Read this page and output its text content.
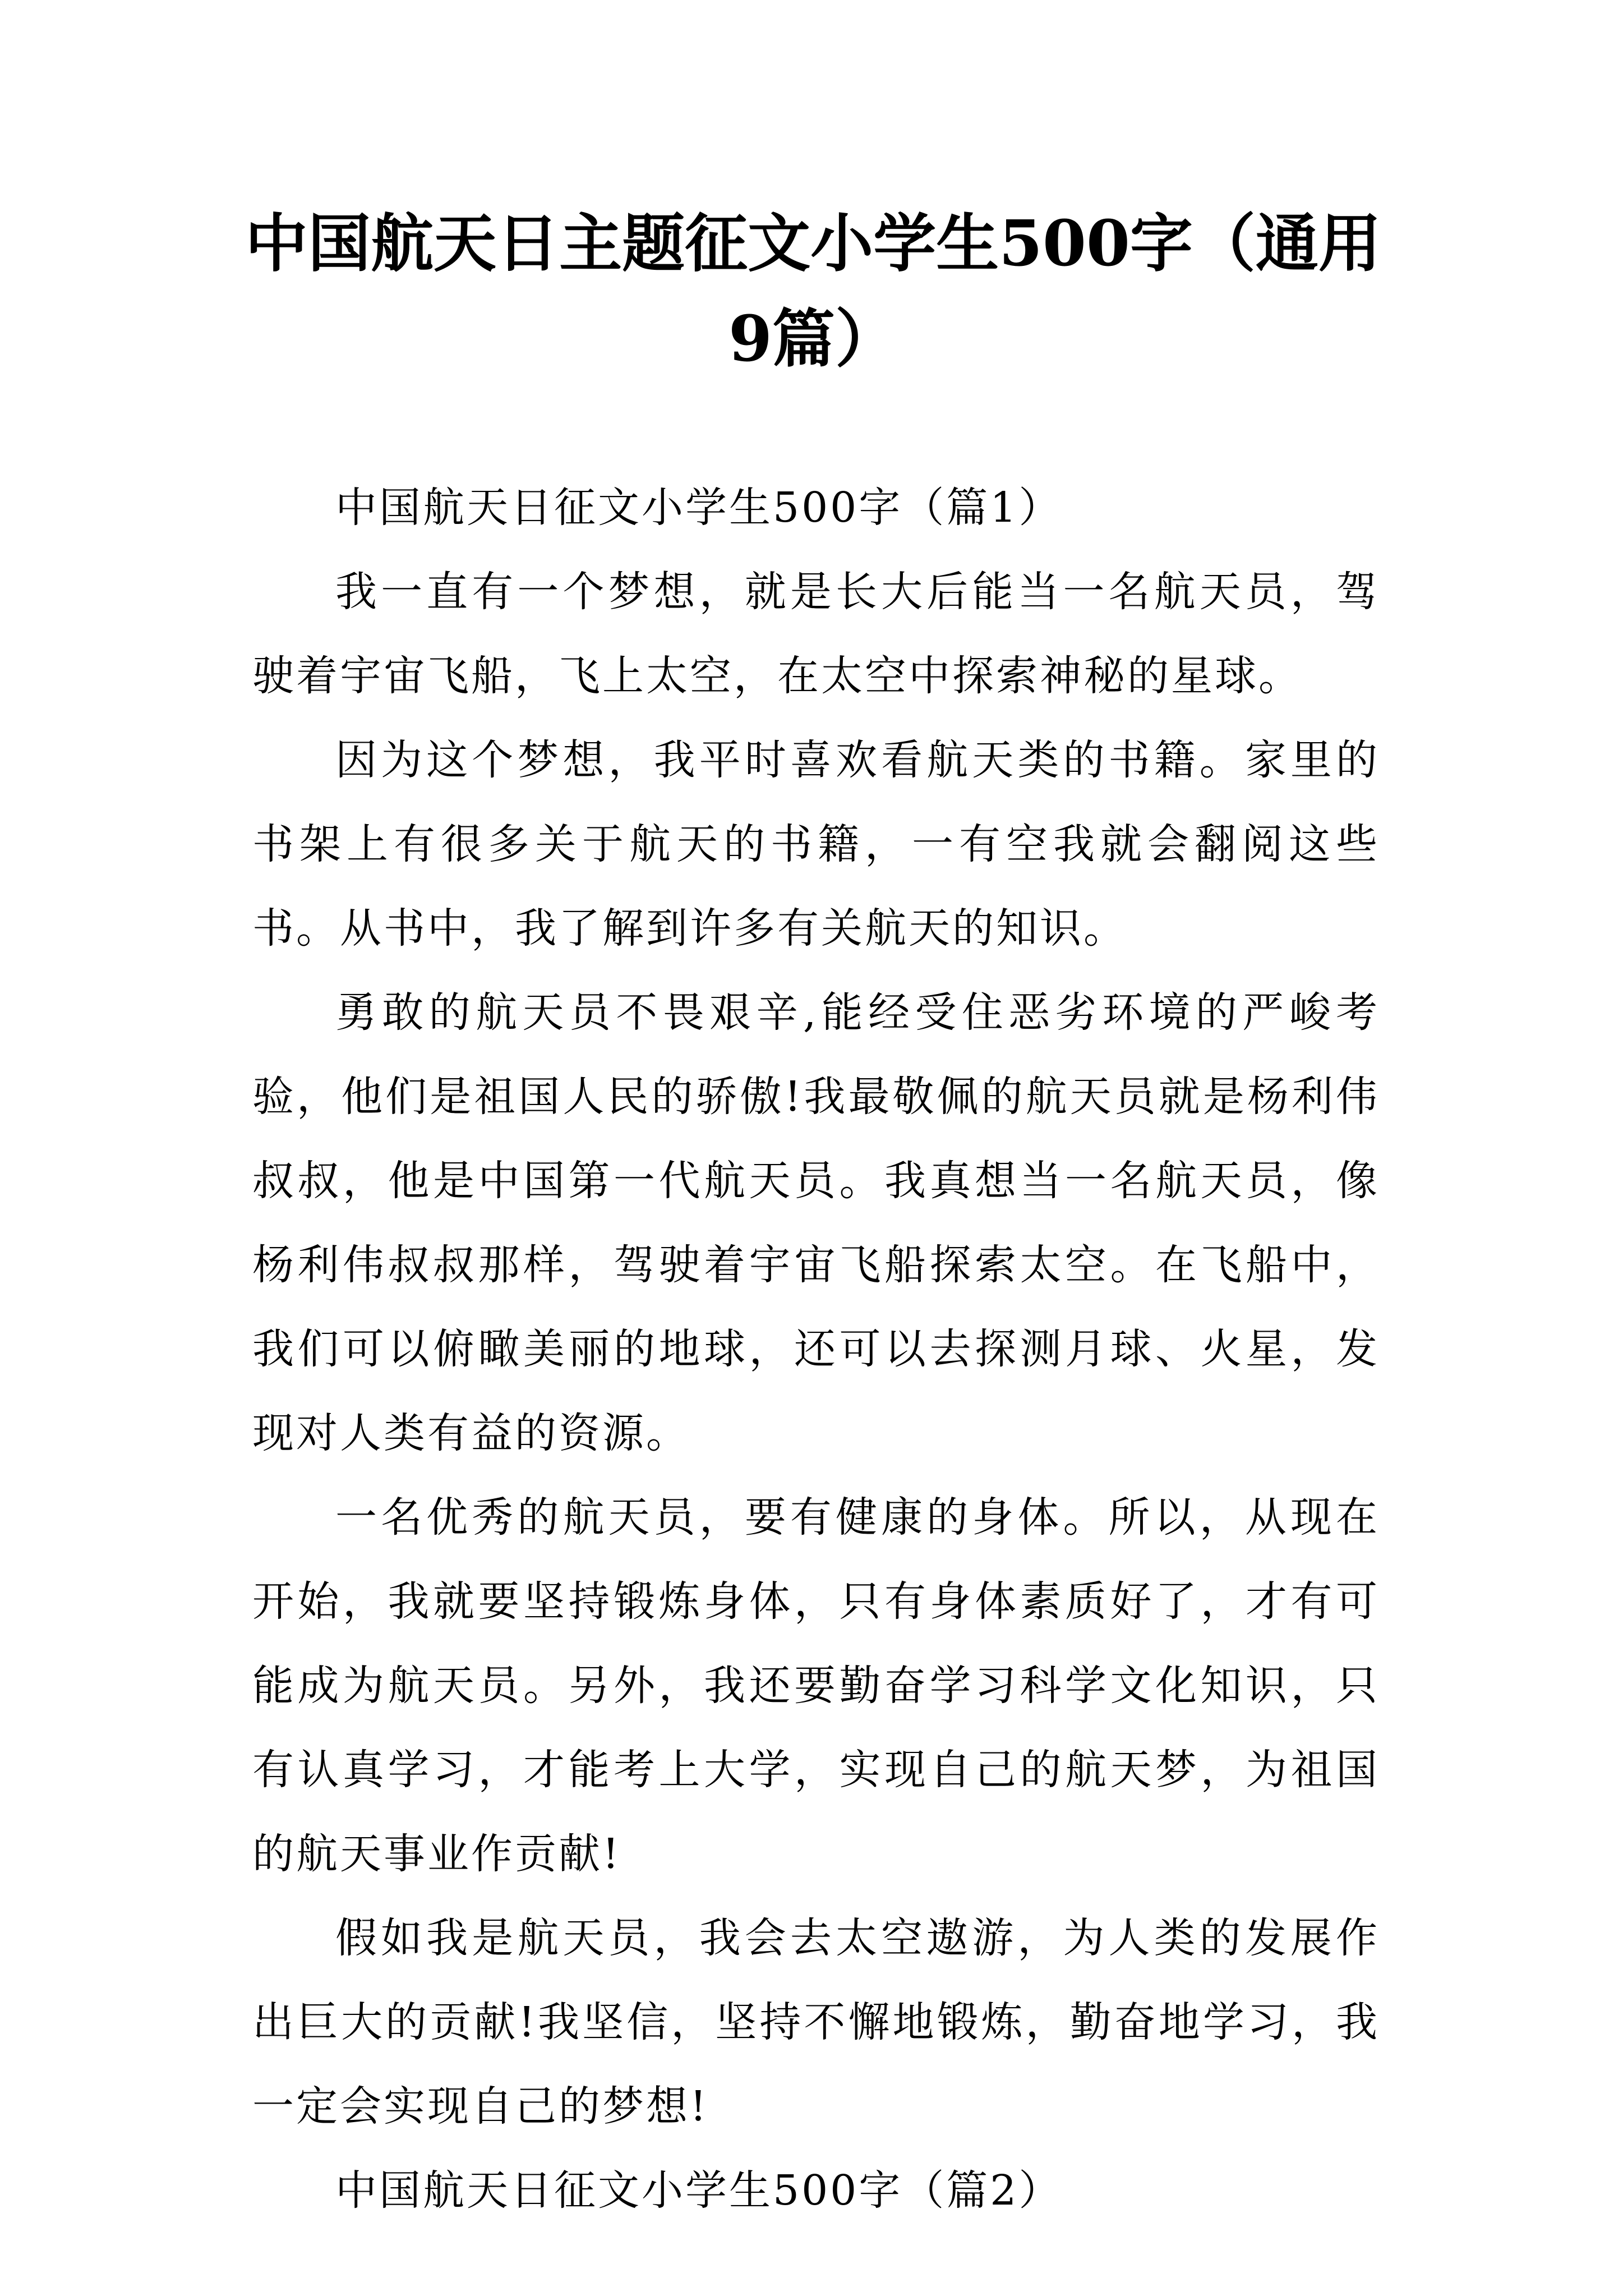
中国航天日主题征文小学生500字（通用9篇）

中国航天日征文小学生500字（篇1）

我一直有一个梦想，就是长大后能当一名航天员，驾驶着宇宙飞船，飞上太空，在太空中探索神秘的星球。

因为这个梦想，我平时喜欢看航天类的书籍。家里的书架上有很多关于航天的书籍，一有空我就会翻阅这些书。从书中，我了解到许多有关航天的知识。

勇敢的航天员不畏艰辛,能经受住恶劣环境的严峻考验，他们是祖国人民的骄傲!我最敬佩的航天员就是杨利伟叔叔，他是中国第一代航天员。我真想当一名航天员，像杨利伟叔叔那样，驾驶着宇宙飞船探索太空。在飞船中，我们可以俯瞰美丽的地球，还可以去探测月球、火星，发现对人类有益的资源。

一名优秀的航天员，要有健康的身体。所以，从现在开始，我就要坚持锻炼身体，只有身体素质好了，才有可能成为航天员。另外，我还要勤奋学习科学文化知识，只有认真学习，才能考上大学，实现自己的航天梦，为祖国的航天事业作贡献!

假如我是航天员，我会去太空遨游，为人类的发展作出巨大的贡献!我坚信，坚持不懈地锻炼，勤奋地学习，我一定会实现自己的梦想!

中国航天日征文小学生500字（篇2）
